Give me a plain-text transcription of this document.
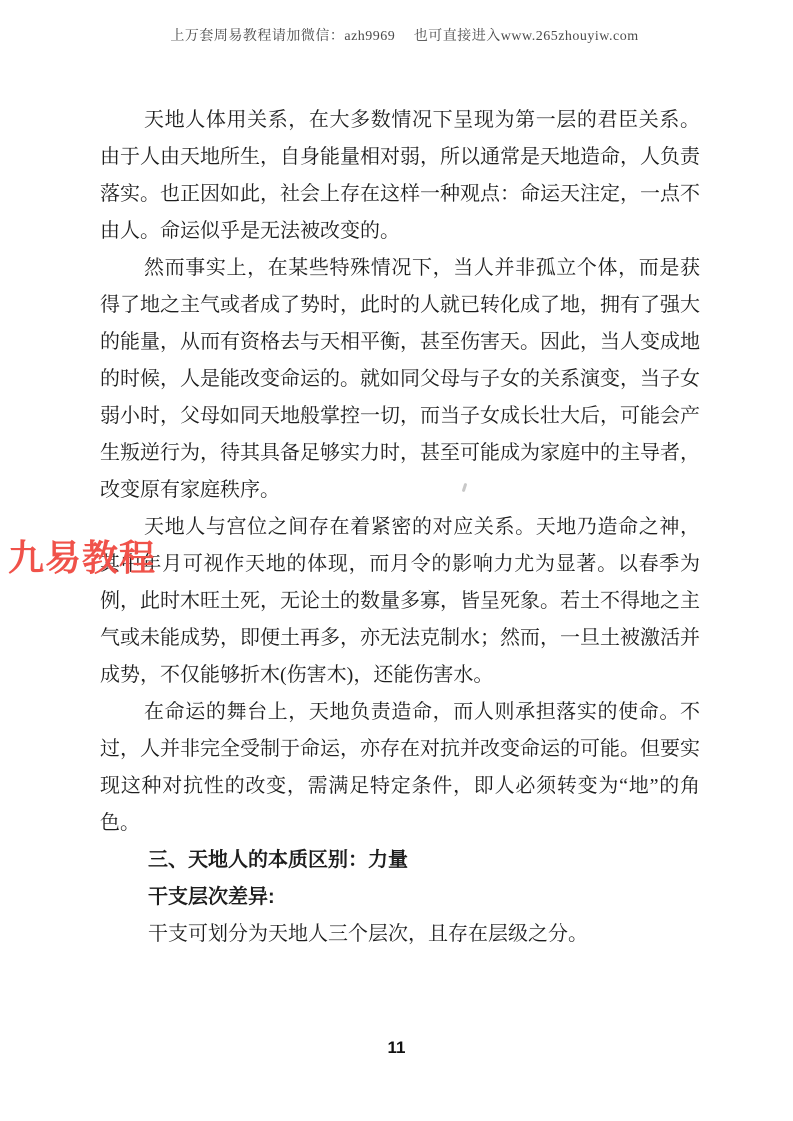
上万套周易教程请加微信：azh9969　 也可直接进入www.265zhouyiw.com

天地人体用关系，在大多数情况下呈现为第一层的君臣关系。由于人由天地所生，自身能量相对弱，所以通常是天地造命，人负责落实。也正因如此，社会上存在这样一种观点：命运天注定，一点不由人。命运似乎是无法被改变的。

然而事实上，在某些特殊情况下，当人并非孤立个体，而是获得了地之主气或者成了势时，此时的人就已转化成了地，拥有了强大的能量，从而有资格去与天相平衡，甚至伤害天。因此，当人变成地的时候，人是能改变命运的。就如同父母与子女的关系演变，当子女弱小时，父母如同天地般掌控一切，而当子女成长壮大后，可能会产生叛逆行为，待其具备足够实力时，甚至可能成为家庭中的主导者，改变原有家庭秩序。

天地人与宫位之间存在着紧密的对应关系。天地乃造命之神，其中年月可视作天地的体现，而月令的影响力尤为显著。以春季为例，此时木旺土死，无论土的数量多寡，皆呈死象。若土不得地之主气或未能成势，即便土再多，亦无法克制水；然而，一旦土被激活并成势，不仅能够折木(伤害木)，还能伤害水。

在命运的舞台上，天地负责造命，而人则承担落实的使命。不过，人并非完全受制于命运，亦存在对抗并改变命运的可能。但要实现这种对抗性的改变，需满足特定条件，即人必须转变为“地”的角色。

三、天地人的本质区别：力量
干支层次差异:

干支可划分为天地人三个层次，且存在层级之分。

九易教程
11
